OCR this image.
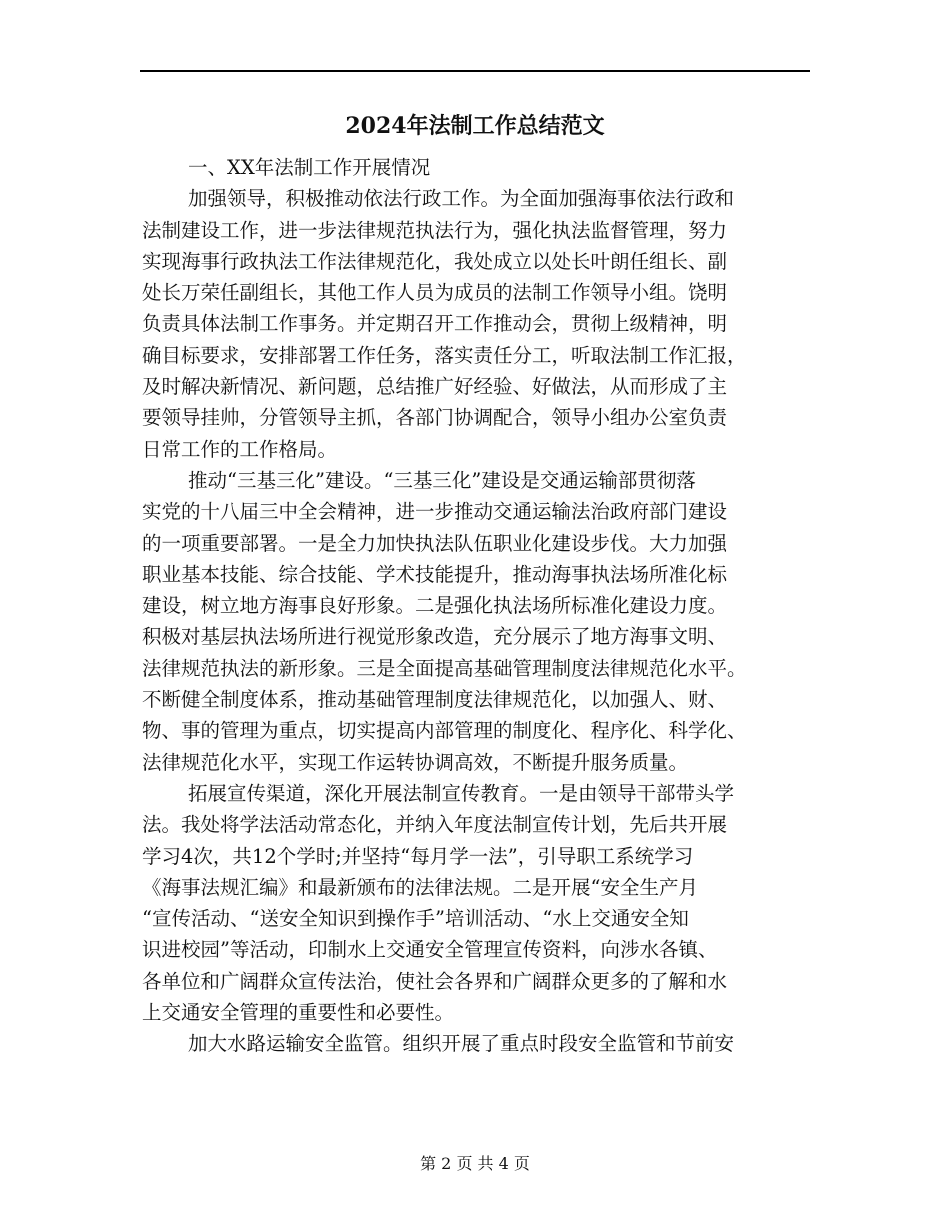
2024年法制工作总结范文
一、XX年法制工作开展情况
加强领导，积极推动依法行政工作。为全面加强海事依法行政和
法制建设工作，进一步法律规范执法行为，强化执法监督管理，努力
实现海事行政执法工作法律规范化，我处成立以处长叶朗任组长、副
处长万荣任副组长，其他工作人员为成员的法制工作领导小组。饶明
负责具体法制工作事务。并定期召开工作推动会，贯彻上级精神，明
确目标要求，安排部署工作任务，落实责任分工，听取法制工作汇报，
及时解决新情况、新问题，总结推广好经验、好做法，从而形成了主
要领导挂帅，分管领导主抓，各部门协调配合，领导小组办公室负责
日常工作的工作格局。
推动“三基三化”建设。“三基三化”建设是交通运输部贯彻落
实党的十八届三中全会精神，进一步推动交通运输法治政府部门建设
的一项重要部署。一是全力加快执法队伍职业化建设步伐。大力加强
职业基本技能、综合技能、学术技能提升，推动海事执法场所准化标
建设，树立地方海事良好形象。二是强化执法场所标准化建设力度。
积极对基层执法场所进行视觉形象改造，充分展示了地方海事文明、
法律规范执法的新形象。三是全面提高基础管理制度法律规范化水平。
不断健全制度体系，推动基础管理制度法律规范化，以加强人、财、
物、事的管理为重点，切实提高内部管理的制度化、程序化、科学化、
法律规范化水平，实现工作运转协调高效，不断提升服务质量。
拓展宣传渠道，深化开展法制宣传教育。一是由领导干部带头学
法。我处将学法活动常态化，并纳入年度法制宣传计划，先后共开展
学习4次，共12个学时;并坚持“每月学一法”，引导职工系统学习
《海事法规汇编》和最新颁布的法律法规。二是开展“安全生产月
“宣传活动、“送安全知识到操作手”培训活动、“水上交通安全知
识进校园”等活动，印制水上交通安全管理宣传资料，向涉水各镇、
各单位和广阔群众宣传法治，使社会各界和广阔群众更多的了解和水
上交通安全管理的重要性和必要性。
加大水路运输安全监管。组织开展了重点时段安全监管和节前安
第 2 页 共 4 页
